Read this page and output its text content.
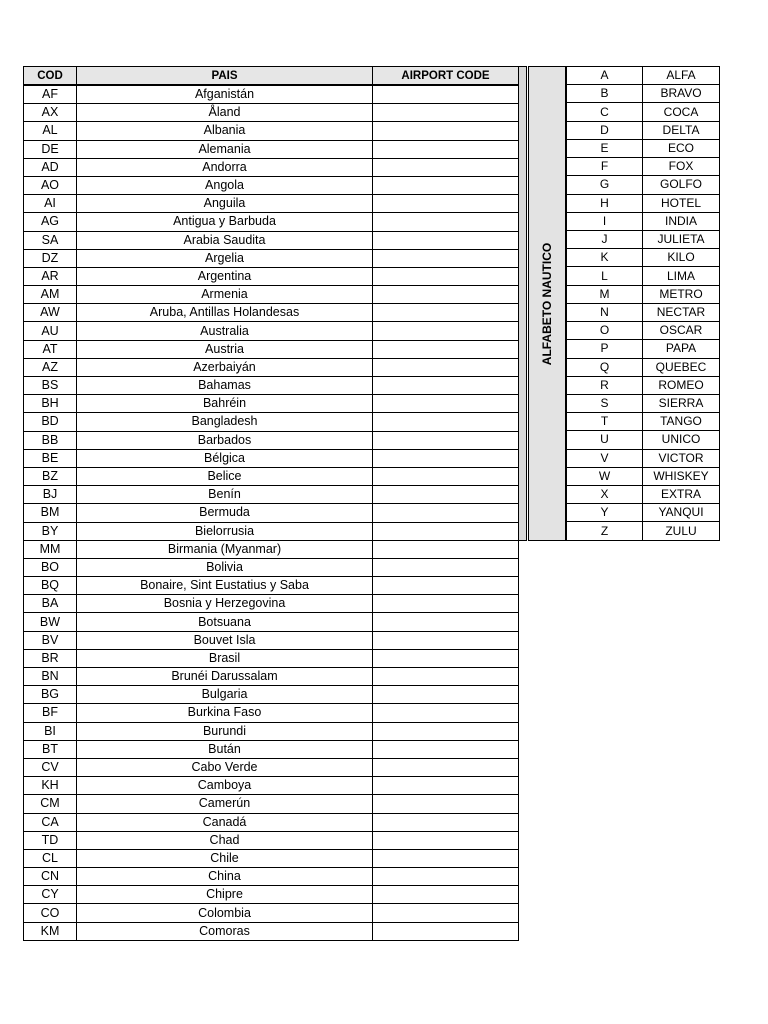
COD	PAIS	AIRPORT CODE
AF	Afganistán	
AX	Åland	
AL	Albania	
DE	Alemania	
AD	Andorra	
AO	Angola	
AI	Anguila	
AG	Antigua y Barbuda	
SA	Arabia Saudita	
DZ	Argelia	
AR	Argentina	
AM	Armenia	
AW	Aruba, Antillas Holandesas	
AU	Australia	
AT	Austria	
AZ	Azerbaiyán	
BS	Bahamas	
BH	Bahréin	
BD	Bangladesh	
BB	Barbados	
BE	Bélgica	
BZ	Belice	
BJ	Benín	
BM	Bermuda	
BY	Bielorrusia	
MM	Birmania (Myanmar)	
BO	Bolivia	
BQ	Bonaire, Sint Eustatius y Saba	
BA	Bosnia y Herzegovina	
BW	Botsuana	
BV	Bouvet Isla	
BR	Brasil	
BN	Brunéi Darussalam	
BG	Bulgaria	
BF	Burkina Faso	
BI	Burundi	
BT	Bután	
CV	Cabo Verde	
KH	Camboya	
CM	Camerún	
CA	Canadá	
TD	Chad	
CL	Chile	
CN	China	
CY	Chipre	
CO	Colombia	
KM	Comoras	
ALFABETO NAUTICO
A	ALFA
B	BRAVO
C	COCA
D	DELTA
E	ECO
F	FOX
G	GOLFO
H	HOTEL
I	INDIA
J	JULIETA
K	KILO
L	LIMA
M	METRO
N	NECTAR
O	OSCAR
P	PAPA
Q	QUEBEC
R	ROMEO
S	SIERRA
T	TANGO
U	UNICO
V	VICTOR
W	WHISKEY
X	EXTRA
Y	YANQUI
Z	ZULU
